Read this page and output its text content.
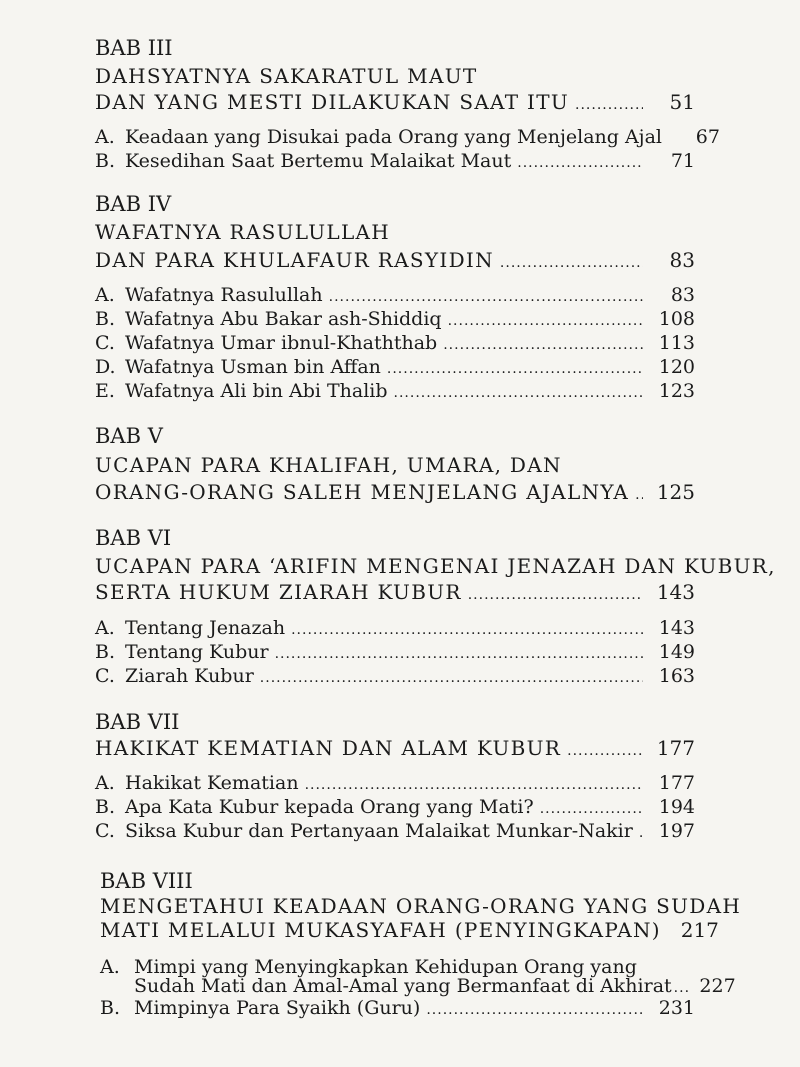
BAB III
DAHSYATNYA SAKARATUL MAUT
DAN YANG MESTI DILAKUKAN SAAT ITU .....	51
A. Keadaan yang Disukai pada Orang yang Menjelang Ajal	67
B. Kesedihan Saat Bertemu Malaikat Maut .....	71
BAB IV
WAFATNYA RASULULLAH
DAN PARA KHULAFAUR RASYIDIN .....	83
A. Wafatnya Rasulullah .....	83
B. Wafatnya Abu Bakar ash-Shiddiq .....	108
C. Wafatnya Umar ibnul-Khaththab .....	113
D. Wafatnya Usman bin Affan .....	120
E. Wafatnya Ali bin Abi Thalib .....	123
BAB V
UCAPAN PARA KHALIFAH, UMARA, DAN
ORANG-ORANG SALEH MENJELANG AJALNYA .....	125
BAB VI
UCAPAN PARA ‘ARIFIN MENGENAI JENAZAH DAN KUBUR,
SERTA HUKUM ZIARAH KUBUR .....	143
A. Tentang Jenazah .....	143
B. Tentang Kubur .....	149
C. Ziarah Kubur .....	163
BAB VII
HAKIKAT KEMATIAN DAN ALAM KUBUR .....	177
A. Hakikat Kematian .....	177
B. Apa Kata Kubur kepada Orang yang Mati? .....	194
C. Siksa Kubur dan Pertanyaan Malaikat Munkar-Nakir .....	197
BAB VIII
MENGETAHUI KEADAAN ORANG-ORANG YANG SUDAH
MATI MELALUI MUKASYAFAH (PENYINGKAPAN) 217
A. Mimpi yang Menyingkapkan Kehidupan Orang yang
Sudah Mati dan Amal-Amal yang Bermanfaat di Akhirat .....	227
B. Mimpinya Para Syaikh (Guru) .....	231
